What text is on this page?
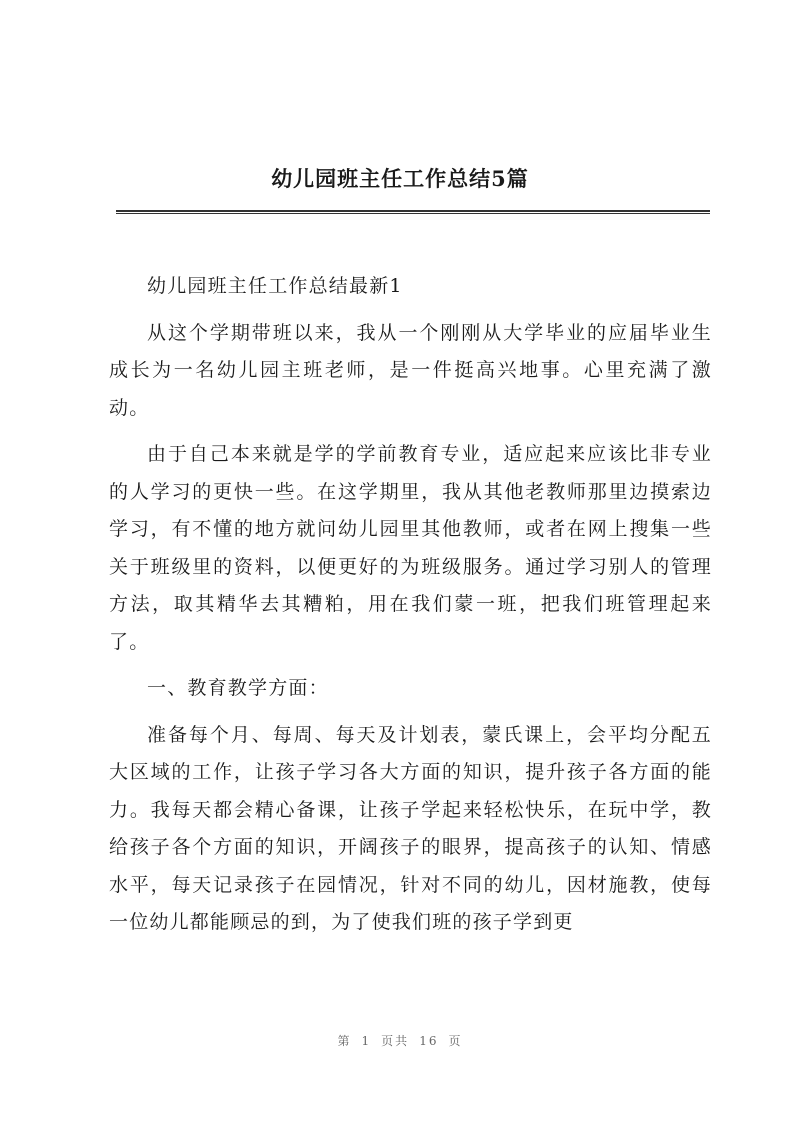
幼儿园班主任工作总结5篇

幼儿园班主任工作总结最新1

从这个学期带班以来，我从一个刚刚从大学毕业的应届毕业生成长为一名幼儿园主班老师，是一件挺高兴地事。心里充满了激动。

由于自己本来就是学的学前教育专业，适应起来应该比非专业的人学习的更快一些。在这学期里，我从其他老教师那里边摸索边学习，有不懂的地方就问幼儿园里其他教师，或者在网上搜集一些关于班级里的资料，以便更好的为班级服务。通过学习别人的管理方法，取其精华去其糟粕，用在我们蒙一班，把我们班管理起来了。

一、教育教学方面：

准备每个月、每周、每天及计划表，蒙氏课上，会平均分配五大区域的工作，让孩子学习各大方面的知识，提升孩子各方面的能力。我每天都会精心备课，让孩子学起来轻松快乐，在玩中学，教给孩子各个方面的知识，开阔孩子的眼界，提高孩子的认知、情感水平，每天记录孩子在园情况，针对不同的幼儿，因材施教，使每一位幼儿都能顾忌的到，为了使我们班的孩子学到更

第 1 页共 16 页
